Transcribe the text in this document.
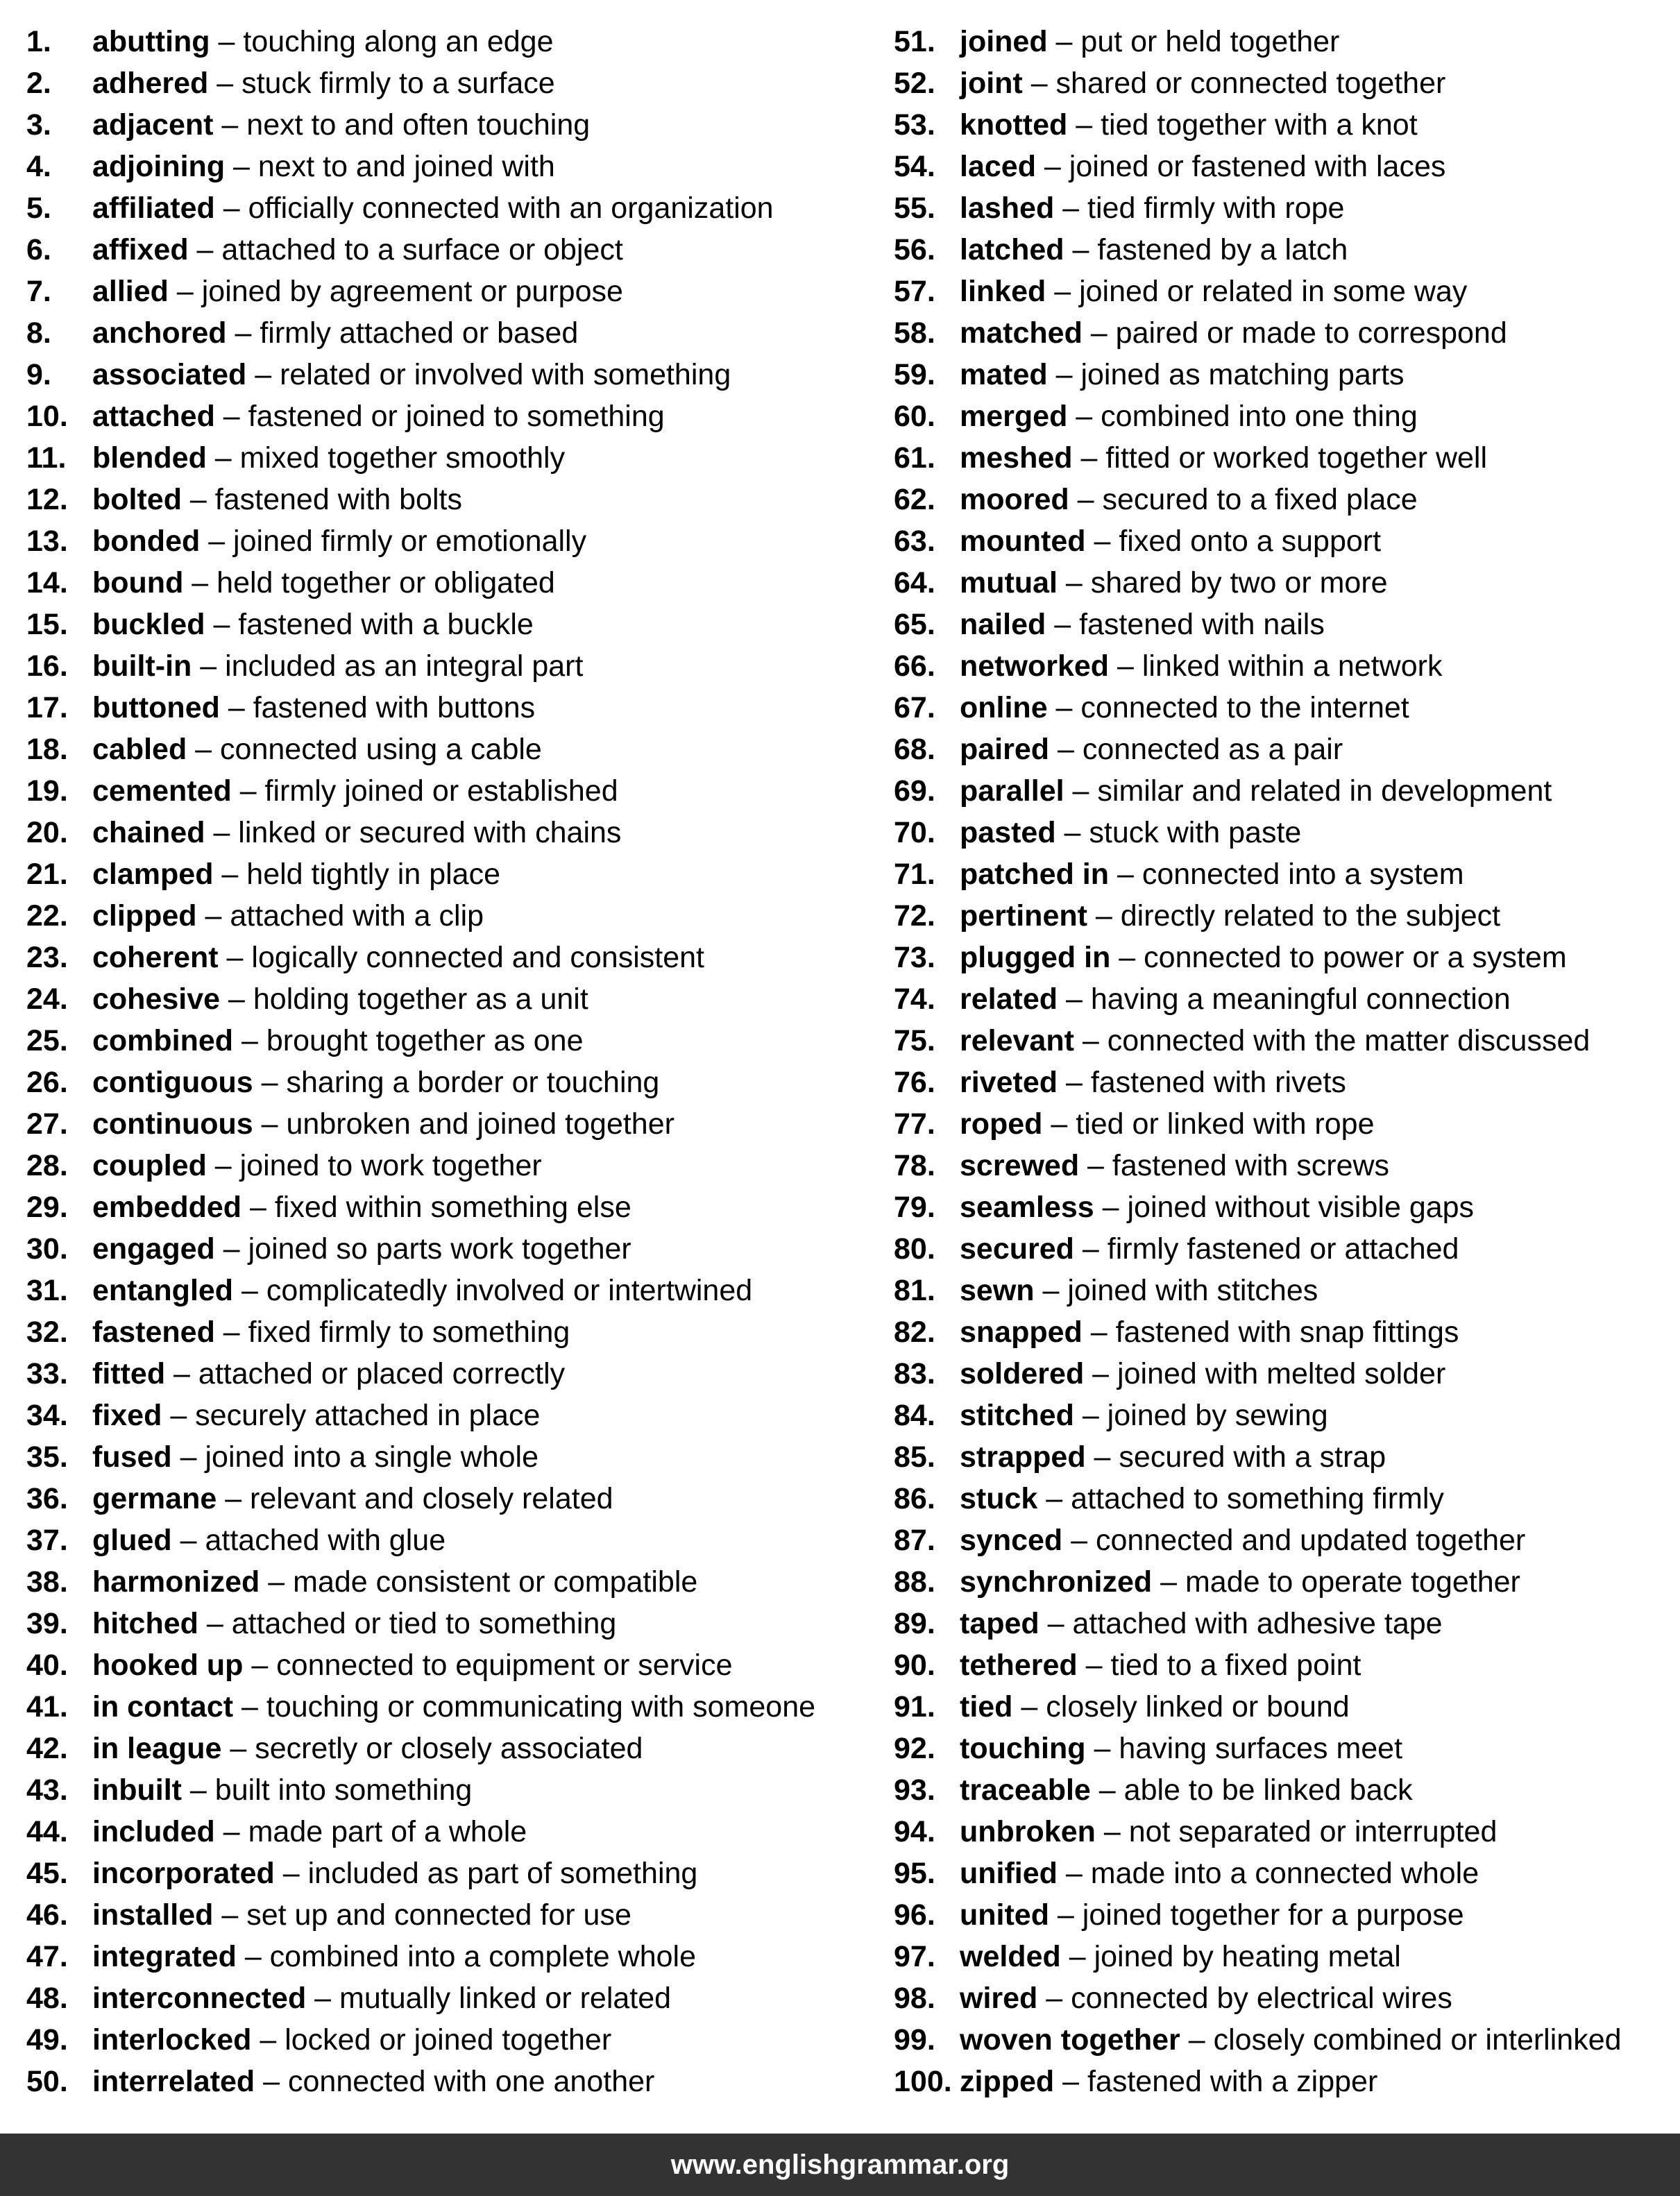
1. abutting – touching along an edge
2. adhered – stuck firmly to a surface
3. adjacent – next to and often touching
4. adjoining – next to and joined with
5. affiliated – officially connected with an organization
6. affixed – attached to a surface or object
7. allied – joined by agreement or purpose
8. anchored – firmly attached or based
9. associated – related or involved with something
10. attached – fastened or joined to something
11. blended – mixed together smoothly
12. bolted – fastened with bolts
13. bonded – joined firmly or emotionally
14. bound – held together or obligated
15. buckled – fastened with a buckle
16. built-in – included as an integral part
17. buttoned – fastened with buttons
18. cabled – connected using a cable
19. cemented – firmly joined or established
20. chained – linked or secured with chains
21. clamped – held tightly in place
22. clipped – attached with a clip
23. coherent – logically connected and consistent
24. cohesive – holding together as a unit
25. combined – brought together as one
26. contiguous – sharing a border or touching
27. continuous – unbroken and joined together
28. coupled – joined to work together
29. embedded – fixed within something else
30. engaged – joined so parts work together
31. entangled – complicatedly involved or intertwined
32. fastened – fixed firmly to something
33. fitted – attached or placed correctly
34. fixed – securely attached in place
35. fused – joined into a single whole
36. germane – relevant and closely related
37. glued – attached with glue
38. harmonized – made consistent or compatible
39. hitched – attached or tied to something
40. hooked up – connected to equipment or service
41. in contact – touching or communicating with someone
42. in league – secretly or closely associated
43. inbuilt – built into something
44. included – made part of a whole
45. incorporated – included as part of something
46. installed – set up and connected for use
47. integrated – combined into a complete whole
48. interconnected – mutually linked or related
49. interlocked – locked or joined together
50. interrelated – connected with one another
51. joined – put or held together
52. joint – shared or connected together
53. knotted – tied together with a knot
54. laced – joined or fastened with laces
55. lashed – tied firmly with rope
56. latched – fastened by a latch
57. linked – joined or related in some way
58. matched – paired or made to correspond
59. mated – joined as matching parts
60. merged – combined into one thing
61. meshed – fitted or worked together well
62. moored – secured to a fixed place
63. mounted – fixed onto a support
64. mutual – shared by two or more
65. nailed – fastened with nails
66. networked – linked within a network
67. online – connected to the internet
68. paired – connected as a pair
69. parallel – similar and related in development
70. pasted – stuck with paste
71. patched in – connected into a system
72. pertinent – directly related to the subject
73. plugged in – connected to power or a system
74. related – having a meaningful connection
75. relevant – connected with the matter discussed
76. riveted – fastened with rivets
77. roped – tied or linked with rope
78. screwed – fastened with screws
79. seamless – joined without visible gaps
80. secured – firmly fastened or attached
81. sewn – joined with stitches
82. snapped – fastened with snap fittings
83. soldered – joined with melted solder
84. stitched – joined by sewing
85. strapped – secured with a strap
86. stuck – attached to something firmly
87. synced – connected and updated together
88. synchronized – made to operate together
89. taped – attached with adhesive tape
90. tethered – tied to a fixed point
91. tied – closely linked or bound
92. touching – having surfaces meet
93. traceable – able to be linked back
94. unbroken – not separated or interrupted
95. unified – made into a connected whole
96. united – joined together for a purpose
97. welded – joined by heating metal
98. wired – connected by electrical wires
99. woven together – closely combined or interlinked
100. zipped – fastened with a zipper
www.englishgrammar.org
